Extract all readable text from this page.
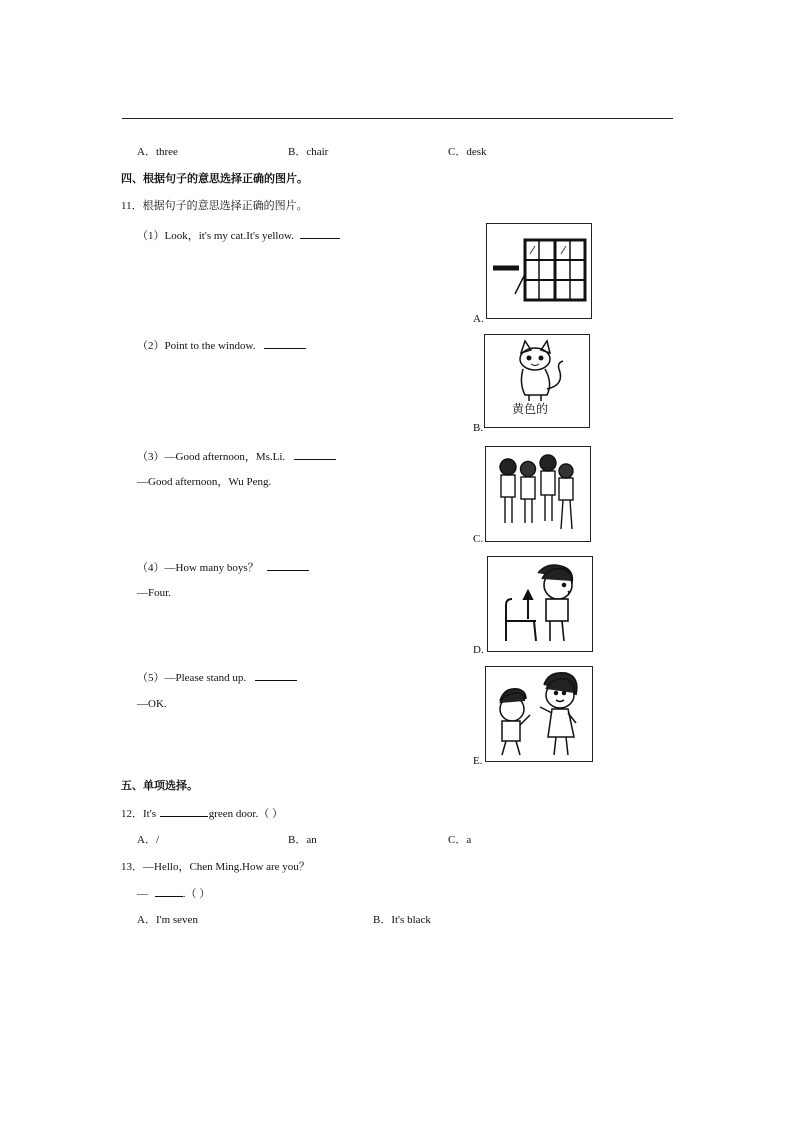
A．three	B．chair	C．desk
四、根据句子的意思选择正确的图片。
11．根据句子的意思选择正确的图片。
（1）Look，it's my cat.It's yellow.
（2）Point to the window.
（3）—Good afternoon，Ms.Li.
—Good afternoon，Wu Peng.
（4）—How many boys？
—Four.
（5）—Please stand up.
—OK.
A.
黄色的
B.
C.
D.
E.
五、单项选择。
12．It's	green door.（ ）
A．/	B．an	C．a
13．—Hello，Chen Ming.How are you？
—	.（ ）
A．I'm seven	B．It's black
